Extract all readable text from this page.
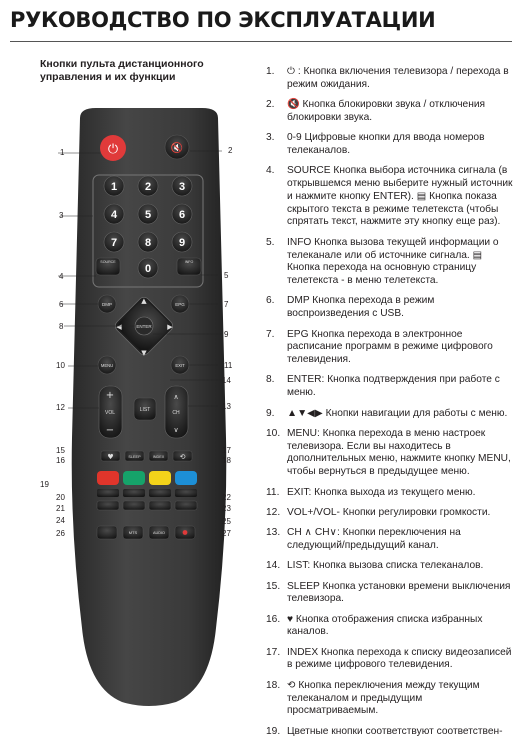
РУКОВОДСТВО ПО ЭКСПЛУАТАЦИИ
Кнопки пульта дистанционного управления и их функции
⏻	🔇
1	2	3
4	5	6
7	8	9
0
SOURCE	INFO
DMP	EPG
▲
▼
◀	▶
ENTER
MENU	EXIT
+
VOL
−
LIST
∧
CH
∨
♥	SLEEP	INDEX ⟲
MTS	AUDIO
1	2
3
4	5
6	7
8
9
10	11
12	13
14
15
16
17
18
19
20
21
22
23
24	25
26	27
1. ⏻ : Кнопка включения телевизора / перехода в режим ожидания.
2. 🔇 Кнопка блокировки звука / отключения блокировки звука.
3. 0-9 Цифровые кнопки для ввода номеров телеканалов.
4. SOURCE Кнопка выбора источника сигнала (в открывшемся меню выберите нужный источник и нажмите кнопку ENTER). ▤ Кнопка показа скрытого текста в режиме телетекста (чтобы спрятать текст, нажмите эту кнопку еще раз).
5. INFO Кнопка вызова текущей информации о телеканале или об источнике сигнала. ▤ Кнопка перехода на основную страницу телетекста - в меню телетекста.
6. DMP Кнопка перехода в режим воспроизведения с USB.
7. EPG Кнопка перехода в электронное расписание программ в режиме цифрового телевидения.
8. ENTER: Кнопка подтверждения при работе с меню.
9. ▲▼◀▶ Кнопки навигации для работы с меню.
10. MENU: Кнопка перехода в меню настроек телевизора. Если вы находитесь в дополнительных меню, нажмите кнопку MENU, чтобы вернуться в предыдущее меню.
11. EXIT: Кнопка выхода из текущего меню.
12. VOL+/VOL- Кнопки регулировки громкости.
13. CH ∧ CH∨: Кнопки переключения на следующий/предыдущий канал.
14. LIST: Кнопка вызова списка телеканалов.
15. SLEEP Кнопка установки времени выключения телевизора.
16. ♥ Кнопка отображения списка избранных каналов.
17. INDEX Кнопка перехода к списку видеозаписей в режиме цифрового телевидения.
18. ⟲ Кнопка переключения между текущим телеканалом и предыдущим просматриваемым.
19. Цветные кнопки соответствуют соответствен-
